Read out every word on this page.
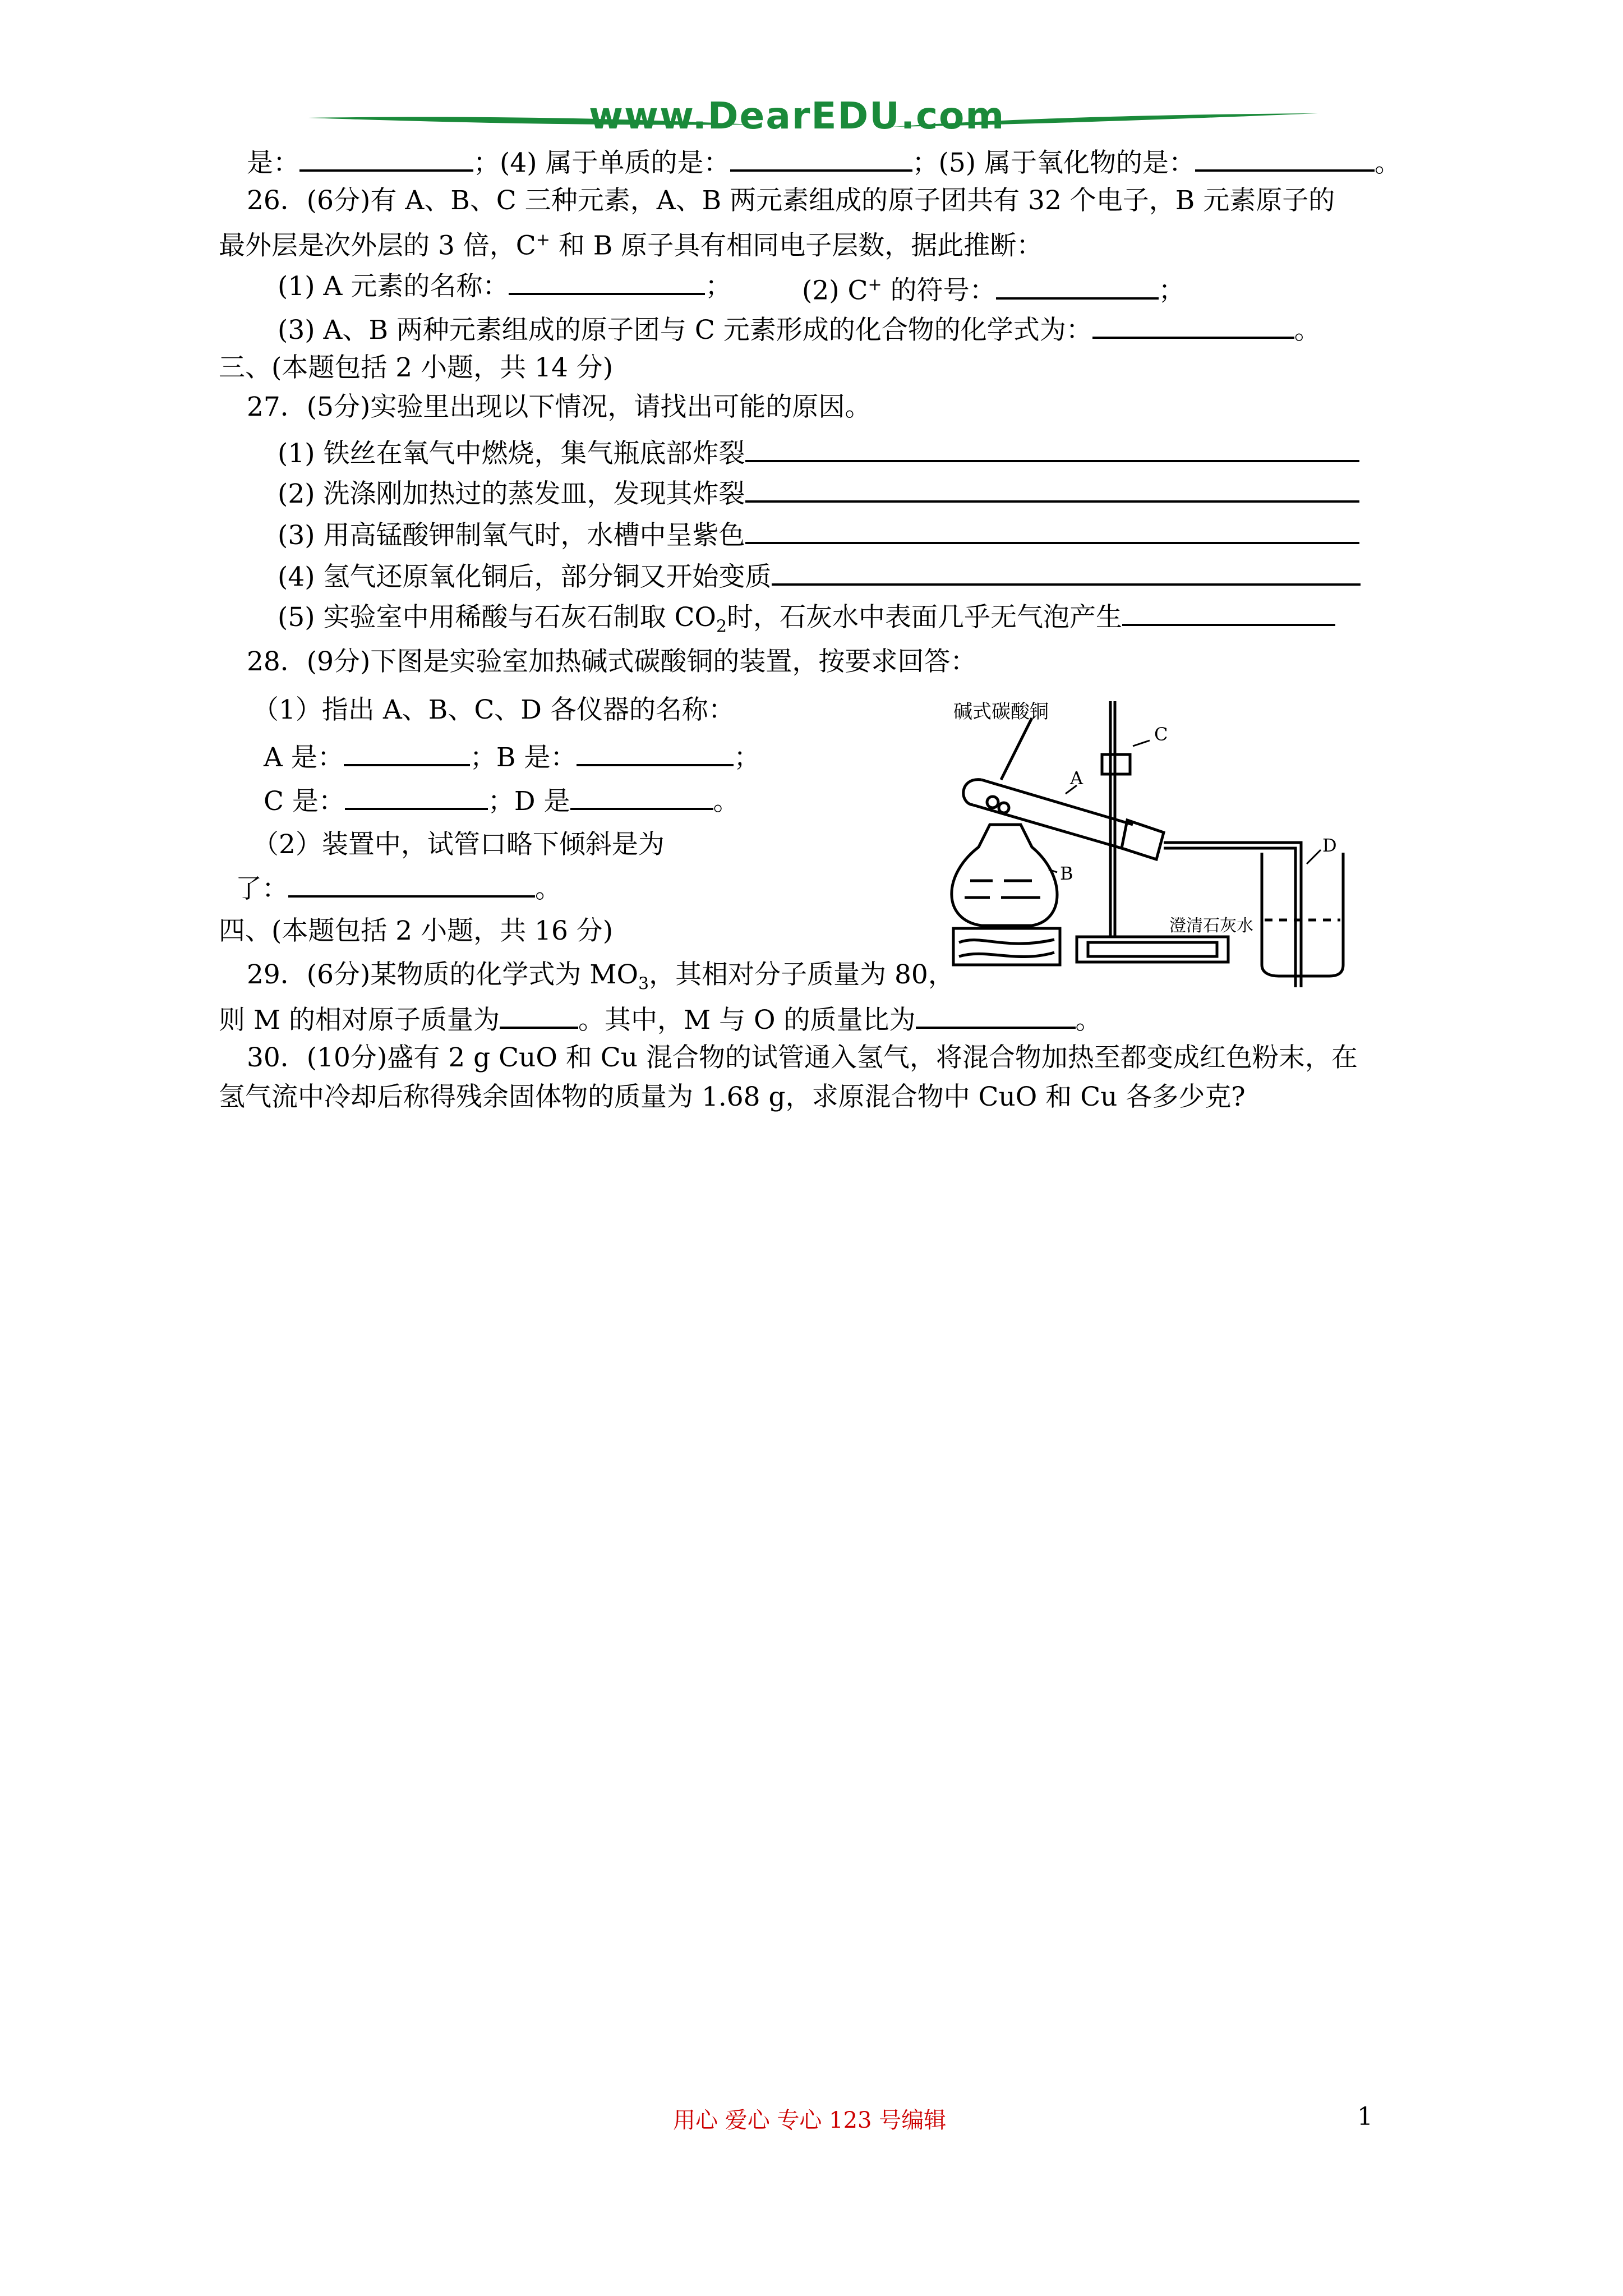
www.DearEDU.com
是：	；(4) 属于单质的是：	；(5) 属于氧化物的是：	。
26．(6分)有 A、B、C 三种元素，A、B 两元素组成的原子团共有 32 个电子，B 元素原子的
最外层是次外层的 3 倍，C+ 和 B 原子具有相同电子层数，据此推断：
(1) A 元素的名称：	；	(2) C+ 的符号：	；
(3) A、B 两种元素组成的原子团与 C 元素形成的化合物的化学式为：	。
三、(本题包括 2 小题，共 14 分)
27．(5分)实验里出现以下情况，请找出可能的原因。
(1) 铁丝在氧气中燃烧，集气瓶底部炸裂
(2) 洗涤刚加热过的蒸发皿，发现其炸裂
(3) 用高锰酸钾制氧气时，水槽中呈紫色
(4) 氢气还原氧化铜后，部分铜又开始变质
(5) 实验室中用稀酸与石灰石制取 $CO_2$时，石灰水中表面几乎无气泡产生
28．(9分)下图是实验室加热碱式碳酸铜的装置，按要求回答：
（1）指出 A、B、C、D 各仪器的名称：
A 是：	；B 是：	；
C 是：	；D 是	。
（2）装置中，试管口略下倾斜是为
了：	。
碱式碳酸铜
A
C
B
D
澄清石灰水
四、(本题包括 2 小题，共 16 分)
29．(6分)某物质的化学式为 $MO_3$，其相对分子质量为 80，
则 M 的相对原子质量为	。其中，M 与 O 的质量比为	。
30．(10分)盛有 2 g CuO 和 Cu 混合物的试管通入氢气，将混合物加热至都变成红色粉末，在
氢气流中冷却后称得残余固体物的质量为 1.68 g，求原混合物中 CuO 和 Cu 各多少克?
用心 爱心 专心 123 号编辑	1
